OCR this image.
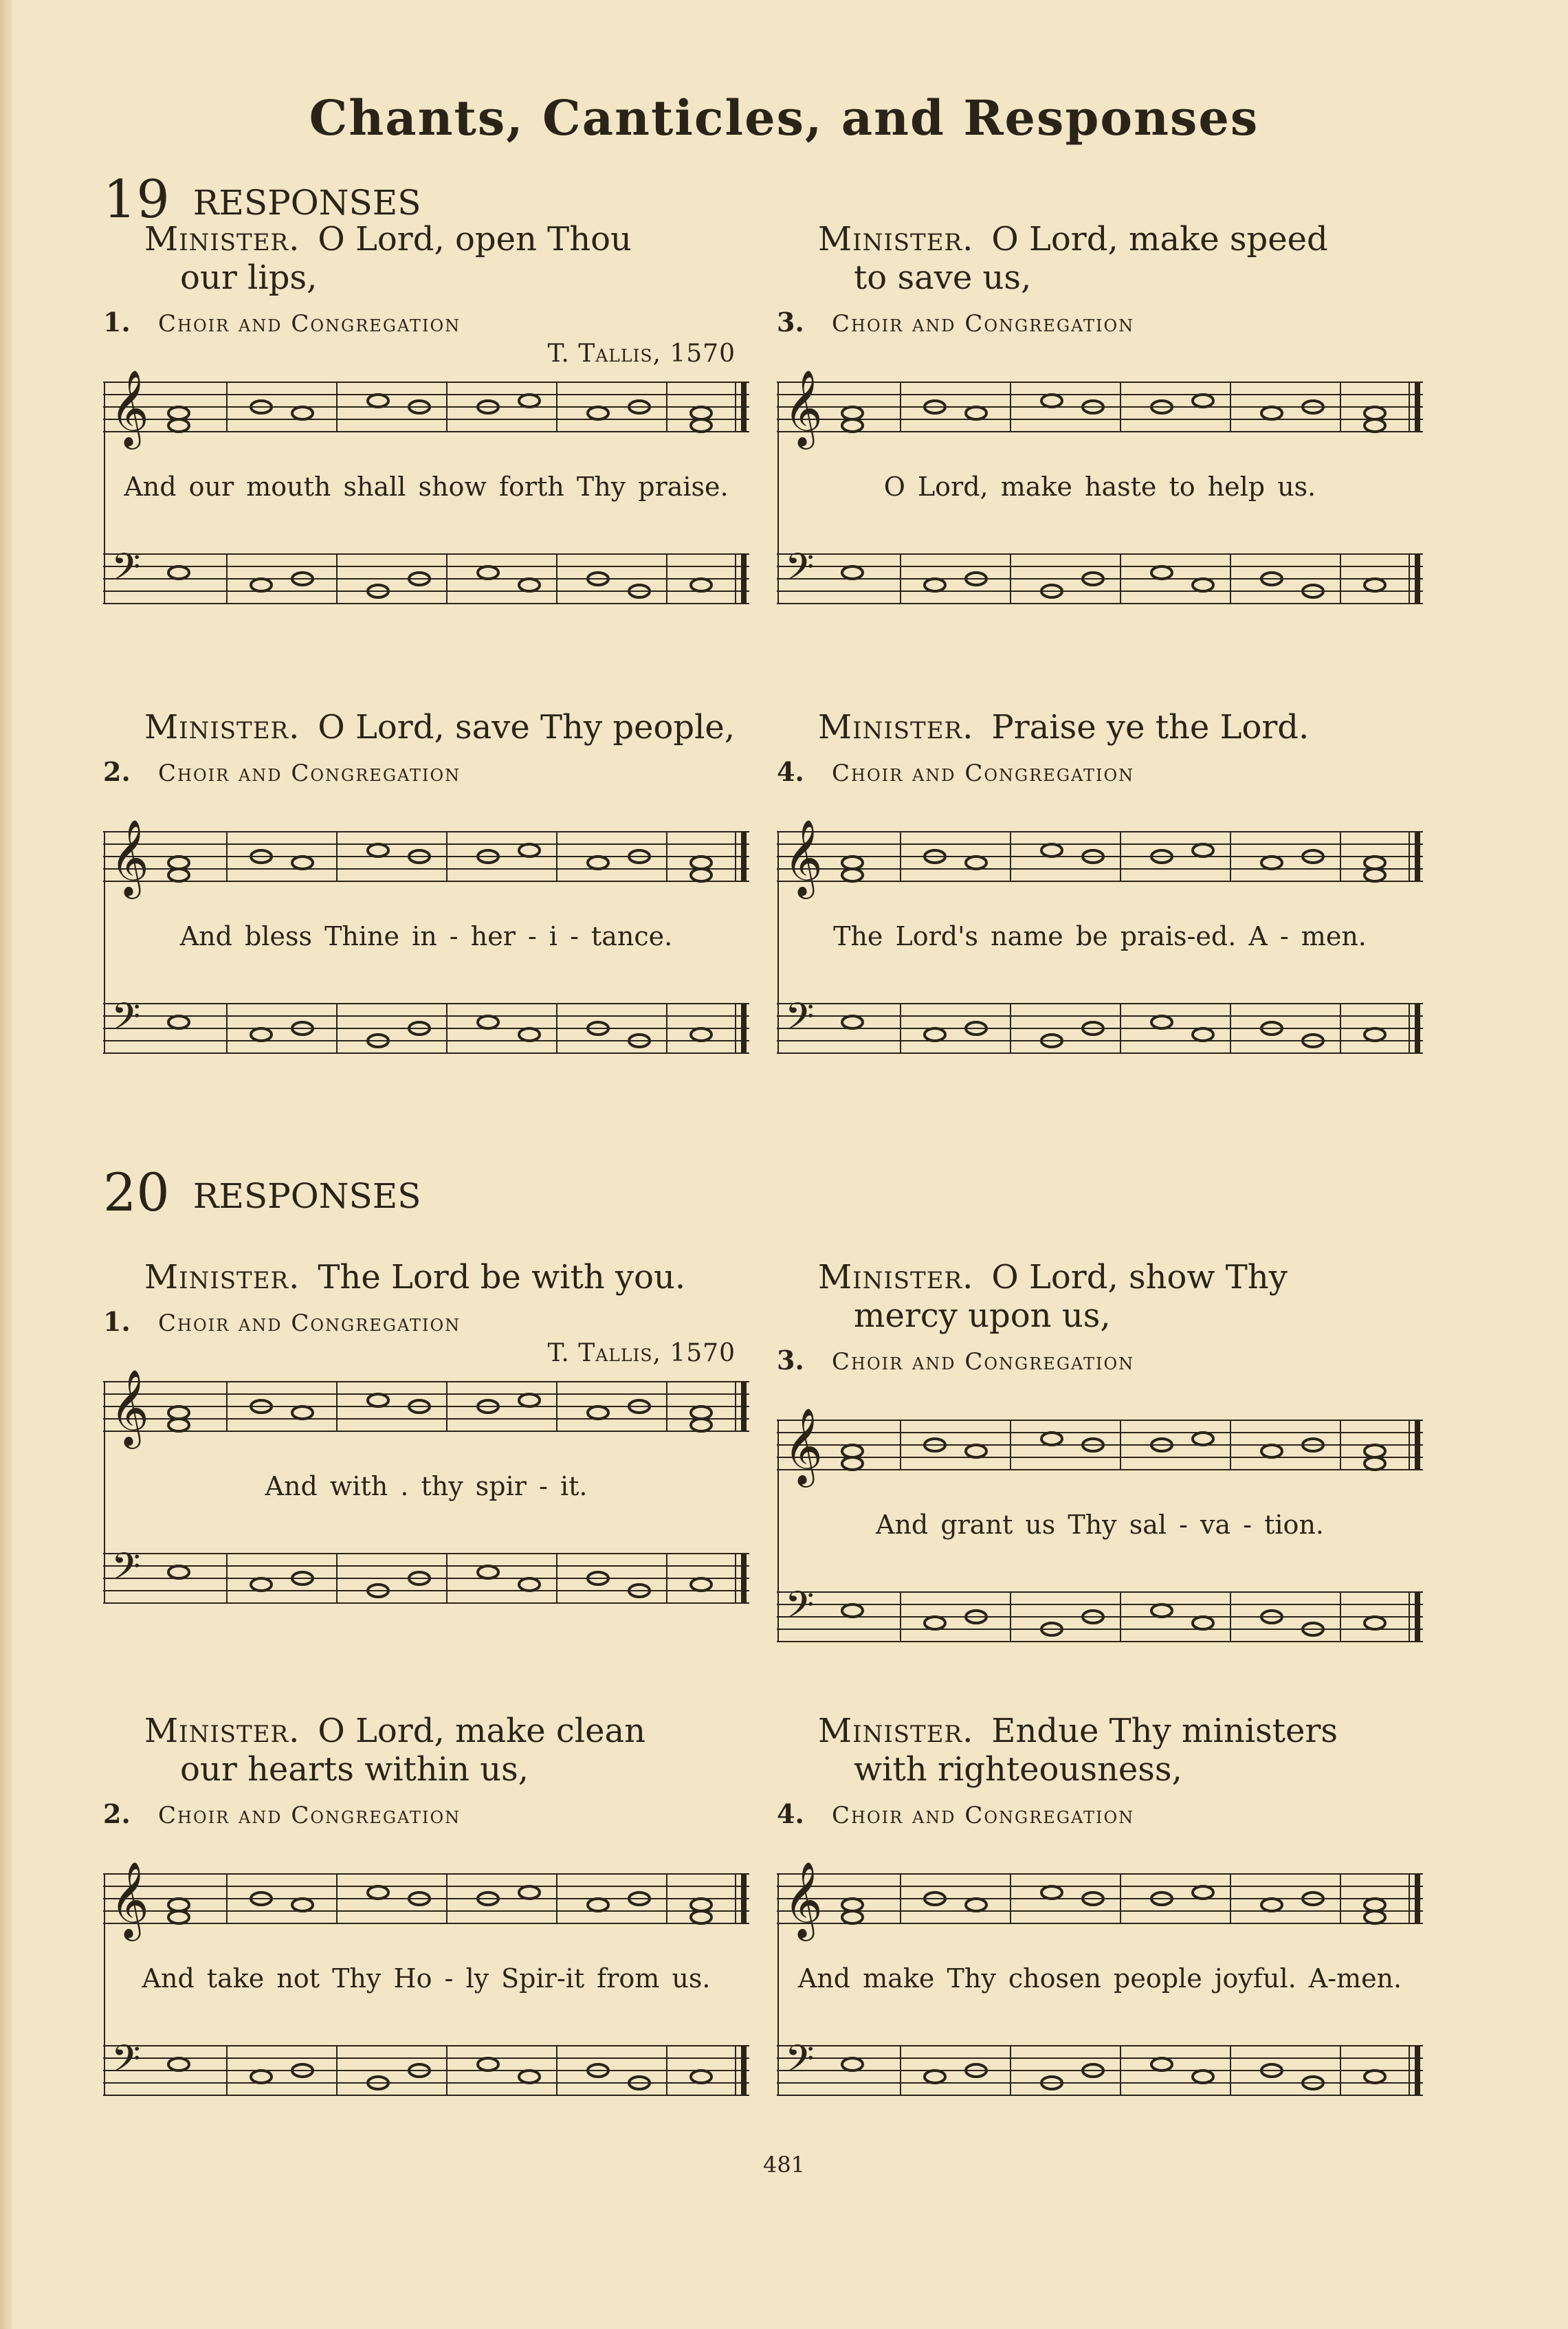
Chants, Canticles, and Responses
19 RESPONSES
20 RESPONSES
Minister. O Lord, open Thou
our lips,
1. Choir and Congregation
T. Tallis, 1570
𝄞
𝄢
And our mouth shall show forth Thy praise.
Minister. O Lord, make speed
to save us,
3. Choir and Congregation
𝄞
𝄢
O Lord, make haste to help us.
Minister. O Lord, save Thy people,
2. Choir and Congregation
𝄞
𝄢
And bless Thine in - her - i - tance.
Minister. Praise ye the Lord.
4. Choir and Congregation
𝄞
𝄢
The Lord's name be prais-ed. A - men.
Minister. The Lord be with you.
1. Choir and Congregation
T. Tallis, 1570
𝄞
𝄢
And with . thy spir - it.
Minister. O Lord, show Thy
mercy upon us,
3. Choir and Congregation
𝄞
𝄢
And grant us Thy sal - va - tion.
Minister. O Lord, make clean
our hearts within us,
2. Choir and Congregation
𝄞
𝄢
And take not Thy Ho - ly Spir-it from us.
Minister. Endue Thy ministers
with righteousness,
4. Choir and Congregation
𝄞
𝄢
And make Thy chosen people joyful. A-men.
481
